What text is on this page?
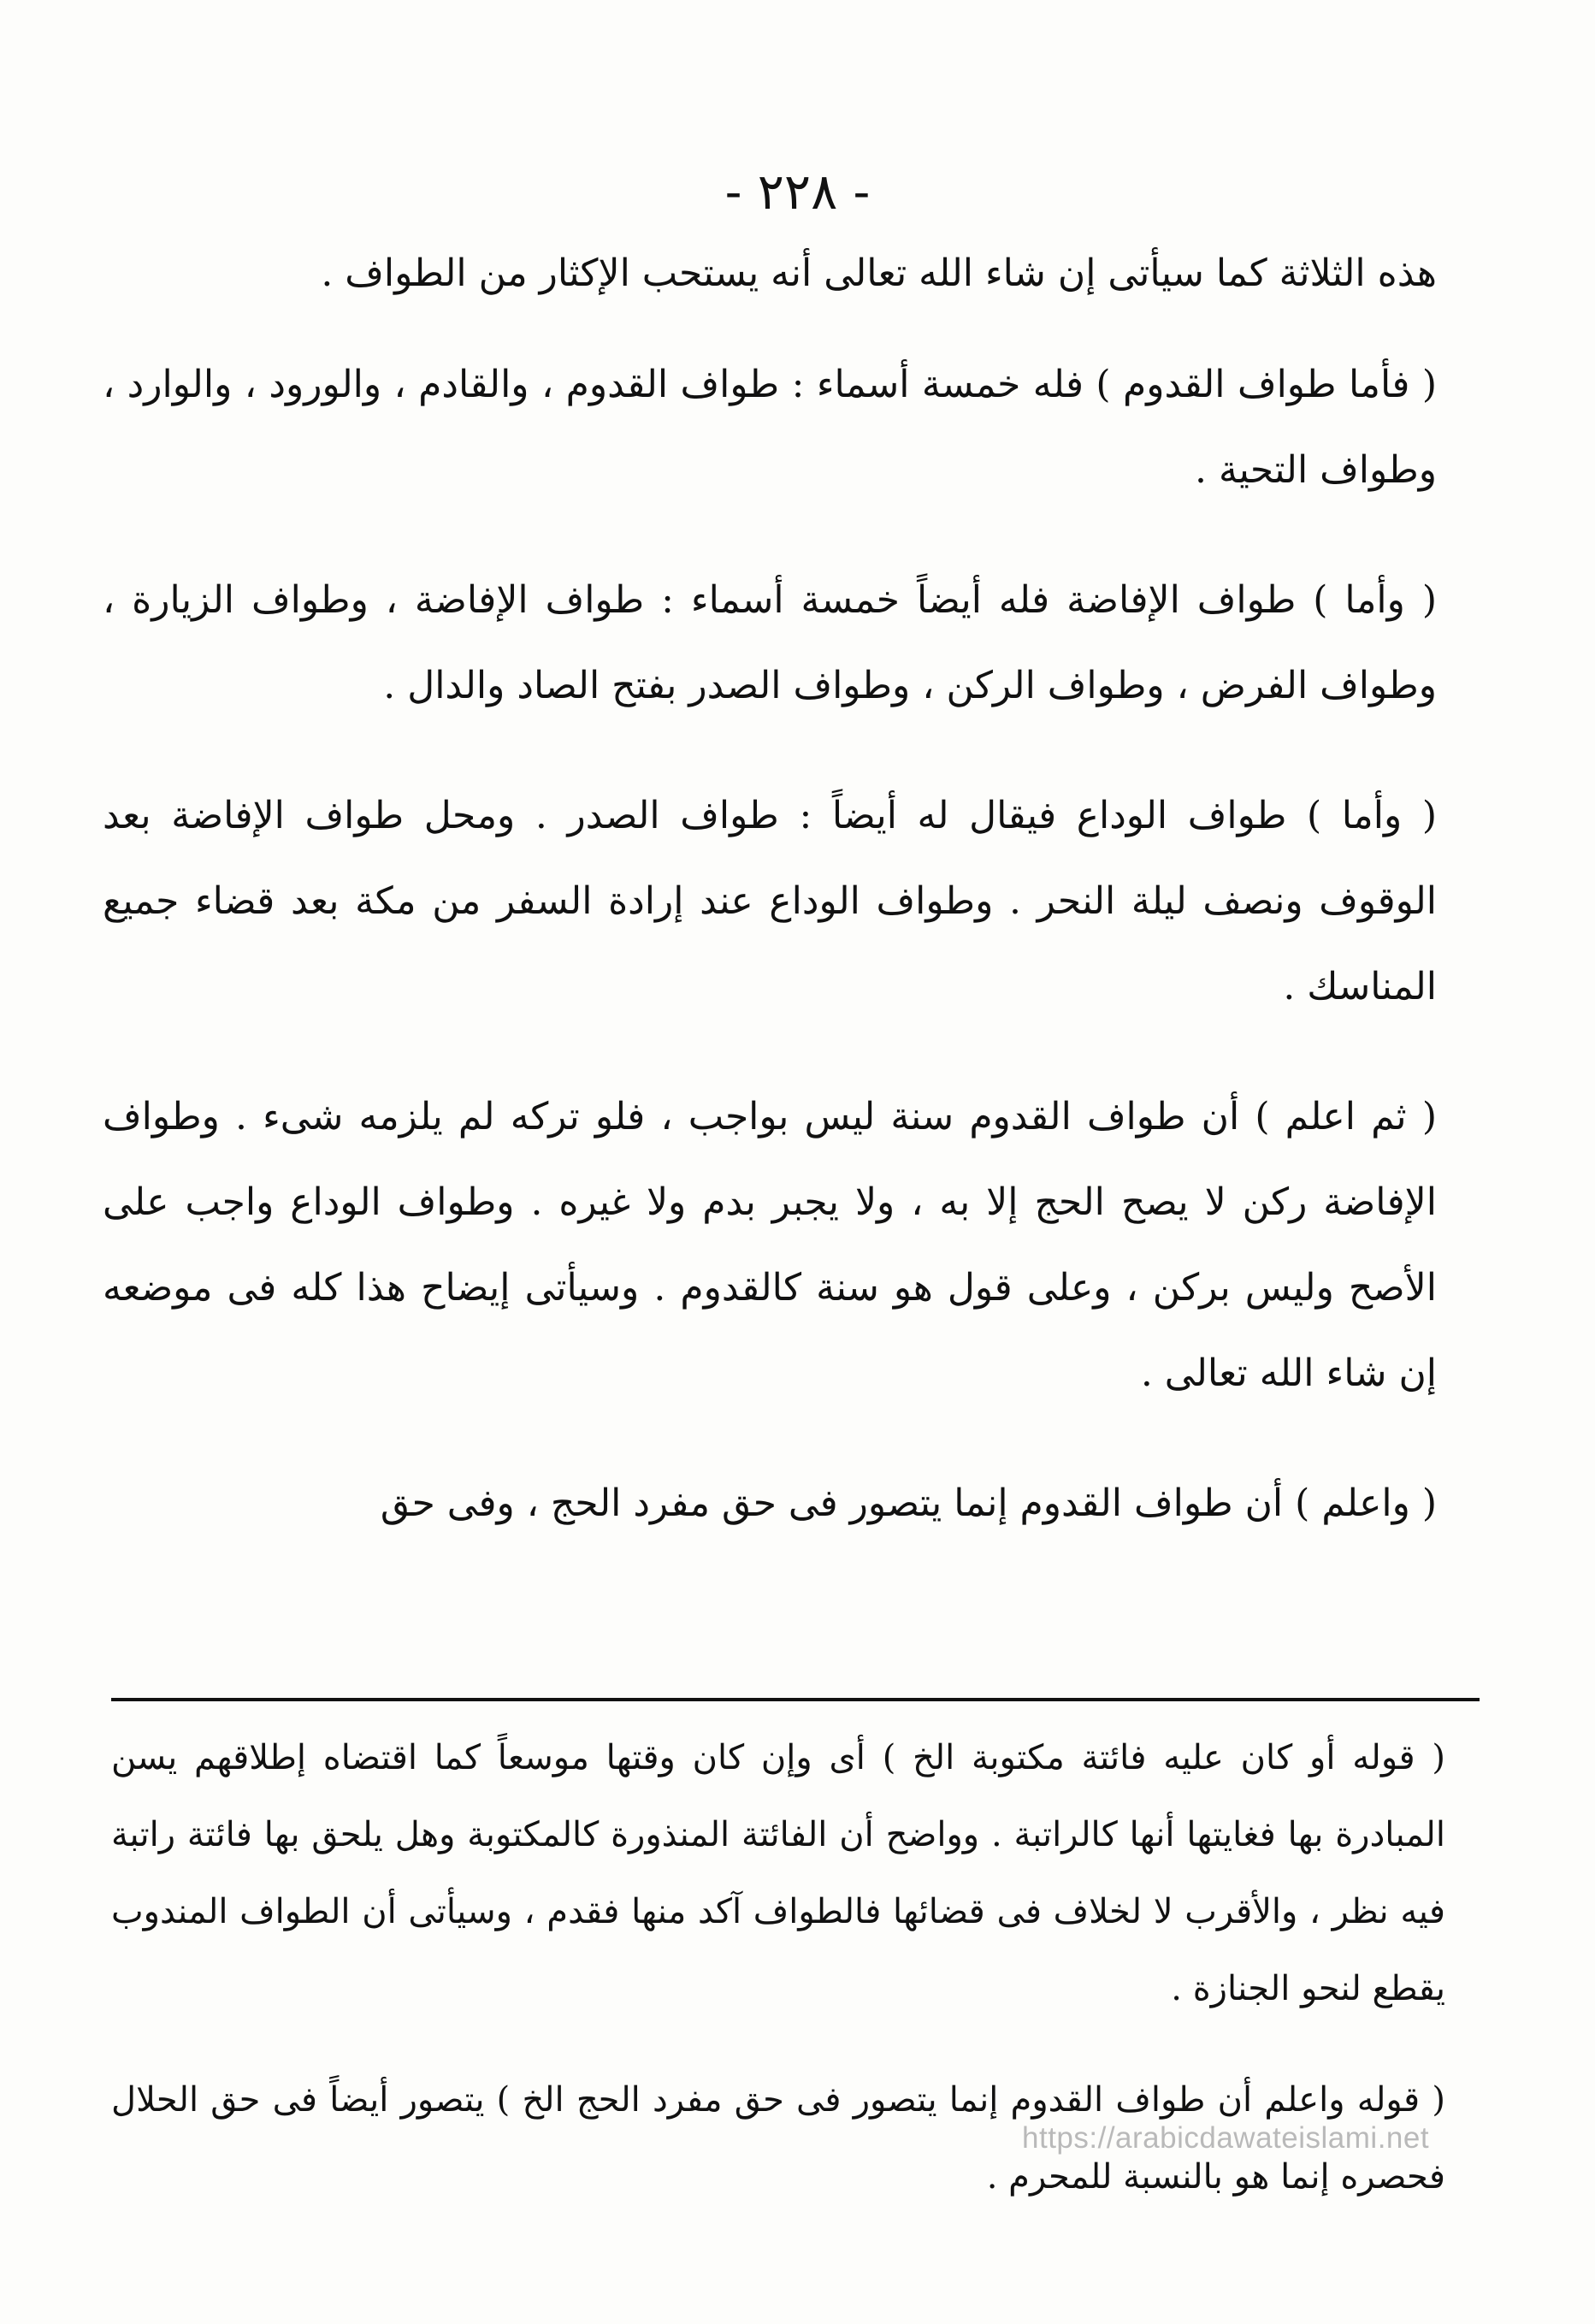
- ٢٢٨ -

هذه الثلاثة كما سيأتى إن شاء الله تعالى أنه يستحب الإكثار من الطواف .

( فأما طواف القدوم ) فله خمسة أسماء : طواف القدوم ، والقادم ، والورود ، والوارد ، وطواف التحية .

( وأما ) طواف الإفاضة فله أيضاً خمسة أسماء : طواف الإفاضة ، وطواف الزيارة ، وطواف الفرض ، وطواف الركن ، وطواف الصدر بفتح الصاد والدال .

( وأما ) طواف الوداع فيقال له أيضاً : طواف الصدر . ومحل طواف الإفاضة بعد الوقوف ونصف ليلة النحر . وطواف الوداع عند إرادة السفر من مكة بعد قضاء جميع المناسك .

( ثم اعلم ) أن طواف القدوم سنة ليس بواجب ، فلو تركه لم يلزمه شىء . وطواف الإفاضة ركن لا يصح الحج إلا به ، ولا يجبر بدم ولا غيره . وطواف الوداع واجب على الأصح وليس بركن ، وعلى قول هو سنة كالقدوم . وسيأتى إيضاح هذا كله فى موضعه إن شاء الله تعالى .

( واعلم ) أن طواف القدوم إنما يتصور فى حق مفرد الحج ، وفى حق

( قوله أو كان عليه فائتة مكتوبة الخ ) أى وإن كان وقتها موسعاً كما اقتضاه إطلاقهم يسن المبادرة بها فغايتها أنها كالراتبة . وواضح أن الفائتة المنذورة كالمكتوبة وهل يلحق بها فائتة راتبة فيه نظر ، والأقرب لا لخلاف فى قضائها فالطواف آكد منها فقدم ، وسيأتى أن الطواف المندوب يقطع لنحو الجنازة .

( قوله واعلم أن طواف القدوم إنما يتصور فى حق مفرد الحج الخ ) يتصور أيضاً فى حق الحلال فحصره إنما هو بالنسبة للمحرم .

https://arabicdawateislami.net
